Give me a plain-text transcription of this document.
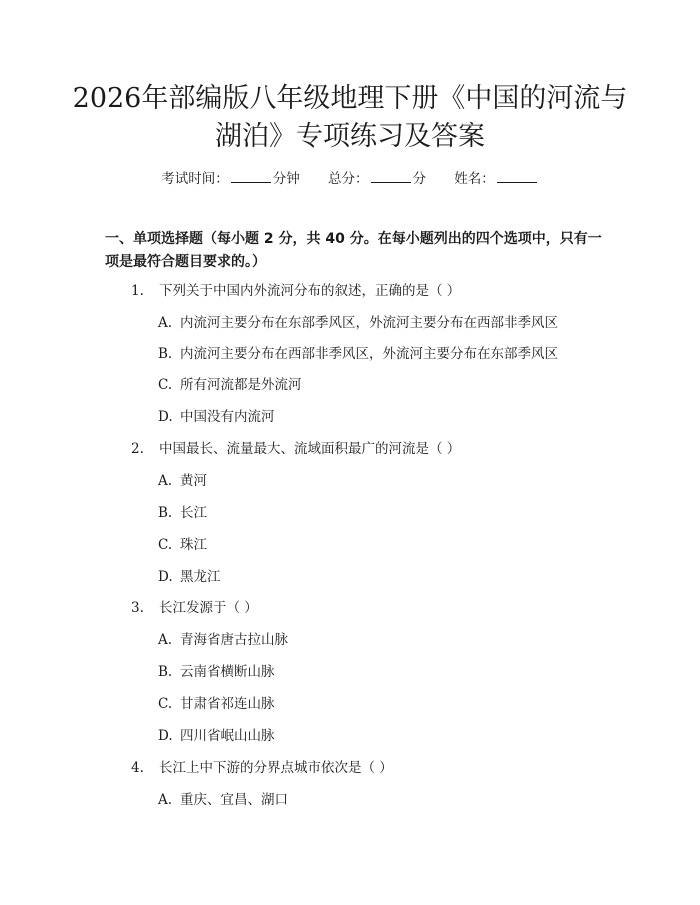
2026年部编版八年级地理下册《中国的河流与湖泊》专项练习及答案
考试时间：	分钟 总分：	分 姓名：
一、单项选择题（每小题 2 分，共 40 分。在每小题列出的四个选项中，只有一项是最符合题目要求的。）
1. 下列关于中国内外流河分布的叙述，正确的是（ ）
A. 内流河主要分布在东部季风区，外流河主要分布在西部非季风区
B. 内流河主要分布在西部非季风区，外流河主要分布在东部季风区
C. 所有河流都是外流河
D. 中国没有内流河
2. 中国最长、流量最大、流域面积最广的河流是（ ）
A. 黄河
B. 长江
C. 珠江
D. 黑龙江
3. 长江发源于（ ）
A. 青海省唐古拉山脉
B. 云南省横断山脉
C. 甘肃省祁连山脉
D. 四川省岷山山脉
4. 长江上中下游的分界点城市依次是（ ）
A. 重庆、宜昌、湖口
